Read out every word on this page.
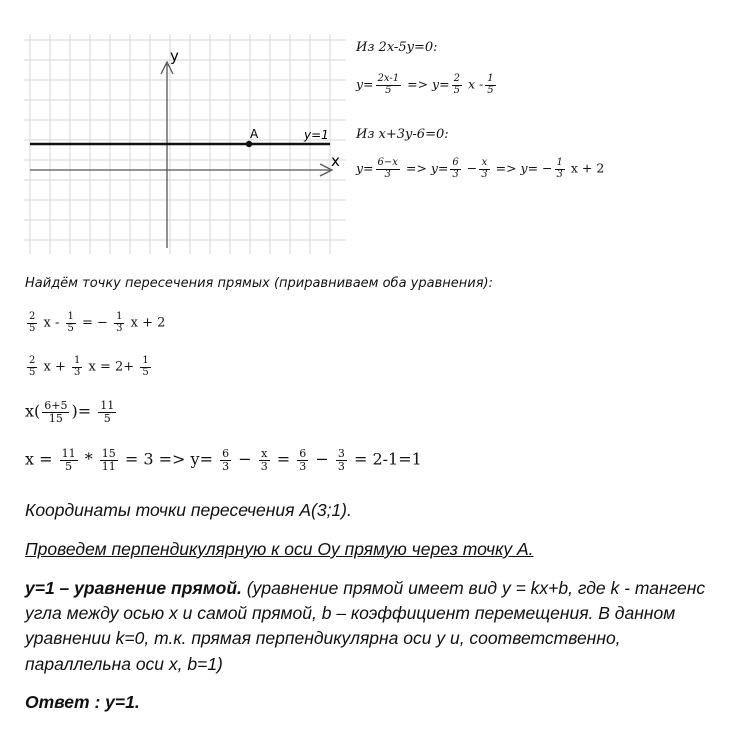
y
x
A	y=1
Из 2x-5y=0:
$y= \frac{2x-1}{5} => y= \frac{2}{5}$ x - $\frac{1}{5}$
Из x+3y-6=0:
$y= \frac{6-x}{3} => y= \frac{6}{3} - \frac{x}{3} => y= - \frac{1}{3}$ x + 2
Найдём точку пересечения прямых (приравниваем оба уравнения):
$\frac{2}{5}$ x - $\frac{1}{5}$ = − $\frac{1}{3}$ x + 2
$\frac{2}{5}$ $x + \frac{1}{3}$ $x = 2+ \frac{1}{5}$
$x( \frac{6+5}{15}$ )= $\frac{11}{5}$
$x = \frac{11}{5} * \frac{15}{11} = 3 => y= \frac{6}{3} - \frac{x}{3} = \frac{6}{3} - \frac{3}{3} = 2-1=1$
Координаты точки пересечения А(3;1).
Проведем перпендикулярную к оси Оу прямую через точку А.
y=1 – уравнение прямой. (уравнение прямой имеет вид y = kx+b, где k - тангенс
угла между осью x и самой прямой, b – коэффициент перемещения. В данном
уравнении k=0, т.к. прямая перпендикулярна оси y и, соответственно,
параллельна оси x, b=1)
Ответ : y=1.
